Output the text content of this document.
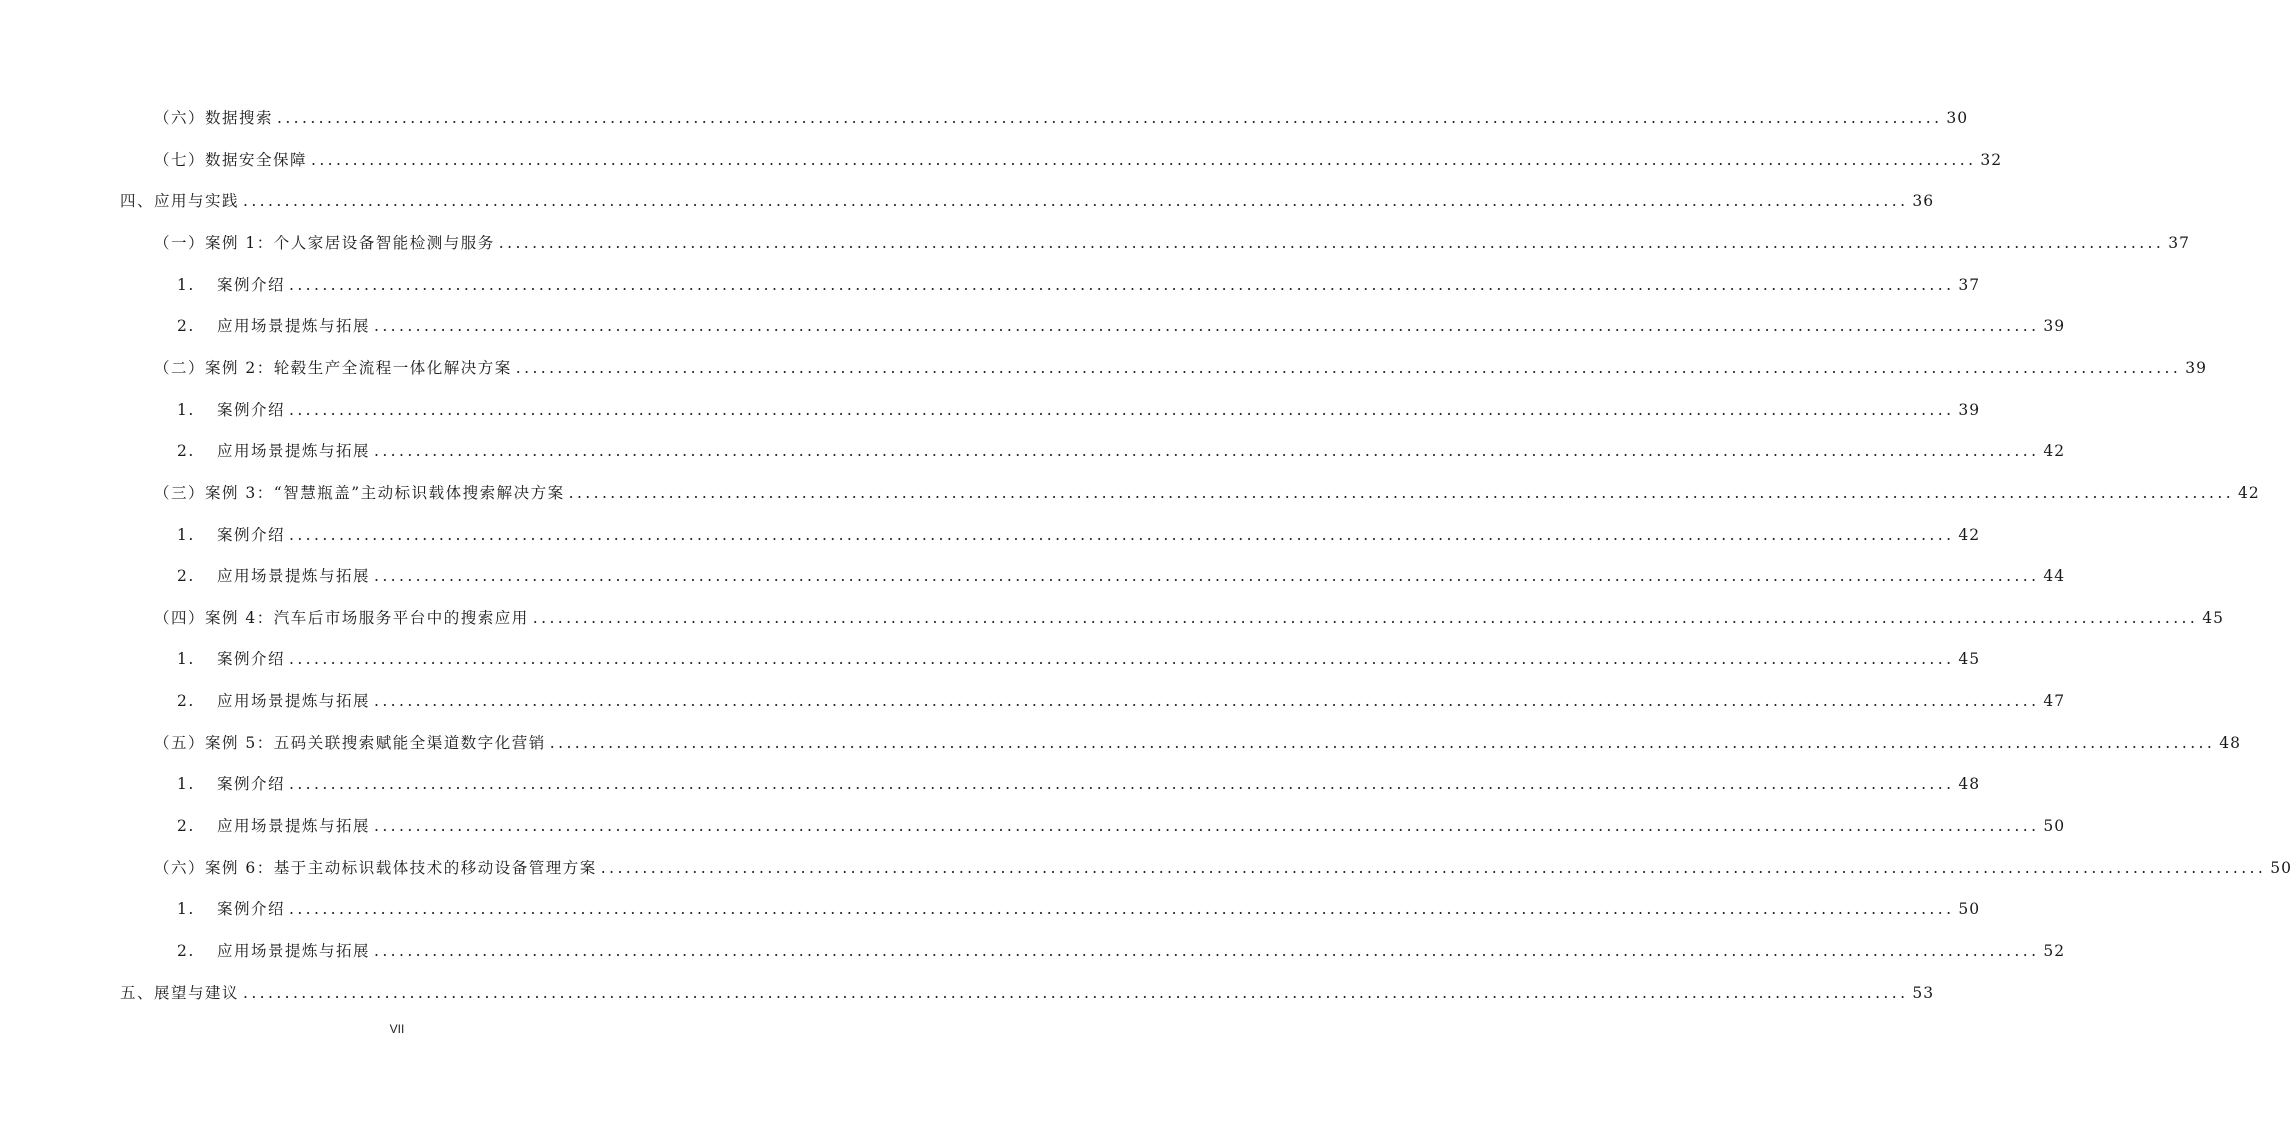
（六）数据搜索 ........................................................................................................................................................................................................ 30
（七）数据安全保障 ........................................................................................................................................................................................................ 32
四、应用与实践 ........................................................................................................................................................................................................ 36
（一）案例 1：个人家居设备智能检测与服务 ........................................................................................................................................................................................................ 37
1. 案例介绍 ........................................................................................................................................................................................................ 37
2. 应用场景提炼与拓展 ........................................................................................................................................................................................................ 39
（二）案例 2：轮毂生产全流程一体化解决方案 ........................................................................................................................................................................................................ 39
1. 案例介绍 ........................................................................................................................................................................................................ 39
2. 应用场景提炼与拓展 ........................................................................................................................................................................................................ 42
（三）案例 3：“智慧瓶盖”主动标识载体搜索解决方案 ........................................................................................................................................................................................................ 42
1. 案例介绍 ........................................................................................................................................................................................................ 42
2. 应用场景提炼与拓展 ........................................................................................................................................................................................................ 44
（四）案例 4：汽车后市场服务平台中的搜索应用 ........................................................................................................................................................................................................ 45
1. 案例介绍 ........................................................................................................................................................................................................ 45
2. 应用场景提炼与拓展 ........................................................................................................................................................................................................ 47
（五）案例 5：五码关联搜索赋能全渠道数字化营销 ........................................................................................................................................................................................................ 48
1. 案例介绍 ........................................................................................................................................................................................................ 48
2. 应用场景提炼与拓展 ........................................................................................................................................................................................................ 50
（六）案例 6：基于主动标识载体技术的移动设备管理方案 ........................................................................................................................................................................................................ 50
1. 案例介绍 ........................................................................................................................................................................................................ 50
2. 应用场景提炼与拓展 ........................................................................................................................................................................................................ 52
五、展望与建议 ........................................................................................................................................................................................................ 53
VII
